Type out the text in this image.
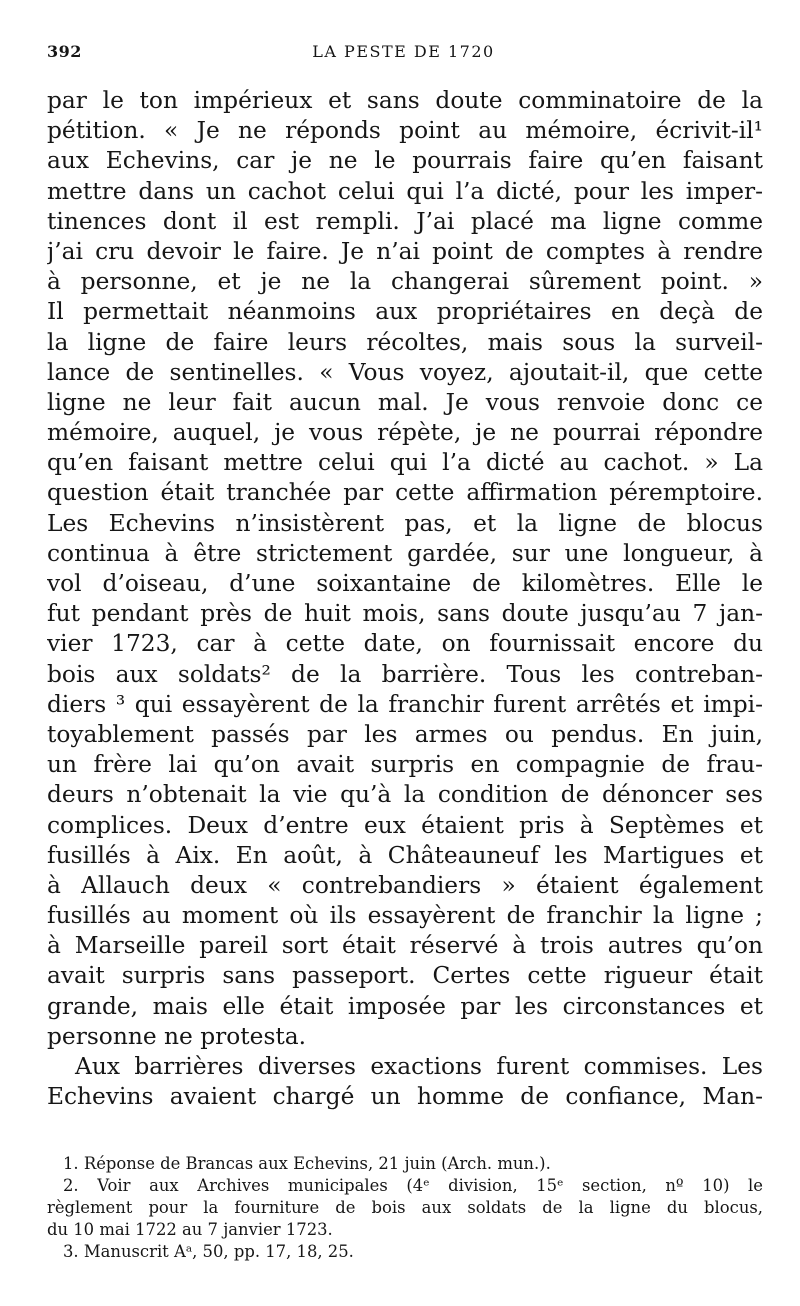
392	LA PESTE DE 1720
par le ton impérieux et sans doute comminatoire de la
pétition. « Je ne réponds point au mémoire, écrivit-il¹
aux Echevins, car je ne le pourrais faire qu’en faisant
mettre dans un cachot celui qui l’a dicté, pour les imper-
tinences dont il est rempli. J’ai placé ma ligne comme
j’ai cru devoir le faire. Je n’ai point de comptes à rendre
à personne, et je ne la changerai sûrement point. »
Il permettait néanmoins aux propriétaires en deçà de
la ligne de faire leurs récoltes, mais sous la surveil-
lance de sentinelles. « Vous voyez, ajoutait-il, que cette
ligne ne leur fait aucun mal. Je vous renvoie donc ce
mémoire, auquel, je vous répète, je ne pourrai répondre
qu’en faisant mettre celui qui l’a dicté au cachot. » La
question était tranchée par cette affirmation péremptoire.
Les Echevins n’insistèrent pas, et la ligne de blocus
continua à être strictement gardée, sur une longueur, à
vol d’oiseau, d’une soixantaine de kilomètres. Elle le
fut pendant près de huit mois, sans doute jusqu’au 7 jan-
vier 1723, car à cette date, on fournissait encore du
bois aux soldats² de la barrière. Tous les contreban-
diers ³ qui essayèrent de la franchir furent arrêtés et impi-
toyablement passés par les armes ou pendus. En juin,
un frère lai qu’on avait surpris en compagnie de frau-
deurs n’obtenait la vie qu’à la condition de dénoncer ses
complices. Deux d’entre eux étaient pris à Septèmes et
fusillés à Aix. En août, à Châteauneuf les Martigues et
à Allauch deux « contrebandiers » étaient également
fusillés au moment où ils essayèrent de franchir la ligne ;
à Marseille pareil sort était réservé à trois autres qu’on
avait surpris sans passeport. Certes cette rigueur était
grande, mais elle était imposée par les circonstances et
personne ne protesta.
Aux barrières diverses exactions furent commises. Les
Echevins avaient chargé un homme de confiance, Man-
1. Réponse de Brancas aux Echevins, 21 juin (Arch. mun.).
2. Voir aux Archives municipales (4ᵉ division, 15ᵉ section, nº 10) le
règlement pour la fourniture de bois aux soldats de la ligne du blocus,
du 10 mai 1722 au 7 janvier 1723.
3. Manuscrit Aᵃ, 50, pp. 17, 18, 25.
